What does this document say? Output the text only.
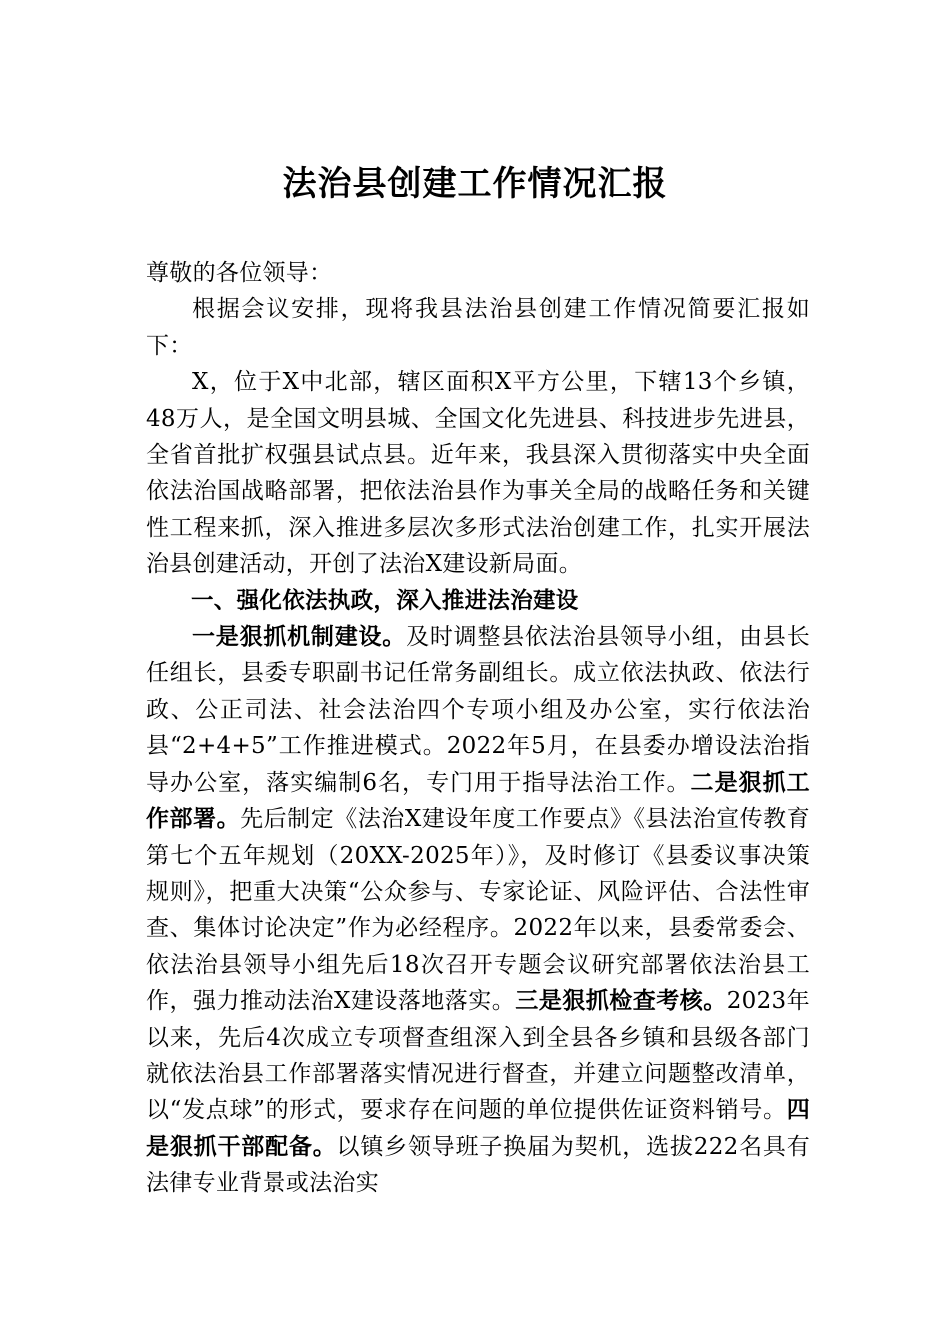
法治县创建工作情况汇报

尊敬的各位领导：

根据会议安排，现将我县法治县创建工作情况简要汇报如下：

X，位于X中北部，辖区面积X平方公里，下辖13个乡镇，48万人，是全国文明县城、全国文化先进县、科技进步先进县，全省首批扩权强县试点县。近年来，我县深入贯彻落实中央全面依法治国战略部署，把依法治县作为事关全局的战略任务和关键性工程来抓，深入推进多层次多形式法治创建工作，扎实开展法治县创建活动，开创了法治X建设新局面。

一、强化依法执政，深入推进法治建设

一是狠抓机制建设。及时调整县依法治县领导小组，由县长任组长，县委专职副书记任常务副组长。成立依法执政、依法行政、公正司法、社会法治四个专项小组及办公室，实行依法治县“2+4+5”工作推进模式。2022年5月，在县委办增设法治指导办公室，落实编制6名，专门用于指导法治工作。二是狠抓工作部署。先后制定《法治X建设年度工作要点》《县法治宣传教育第七个五年规划（20XX-2025年）》，及时修订《县委议事决策规则》，把重大决策“公众参与、专家论证、风险评估、合法性审查、集体讨论决定”作为必经程序。2022年以来，县委常委会、依法治县领导小组先后18次召开专题会议研究部署依法治县工作，强力推动法治X建设落地落实。三是狠抓检查考核。2023年以来，先后4次成立专项督查组深入到全县各乡镇和县级各部门就依法治县工作部署落实情况进行督查，并建立问题整改清单，以“发点球”的形式，要求存在问题的单位提供佐证资料销号。四是狠抓干部配备。以镇乡领导班子换届为契机，选拔222名具有法律专业背景或法治实
